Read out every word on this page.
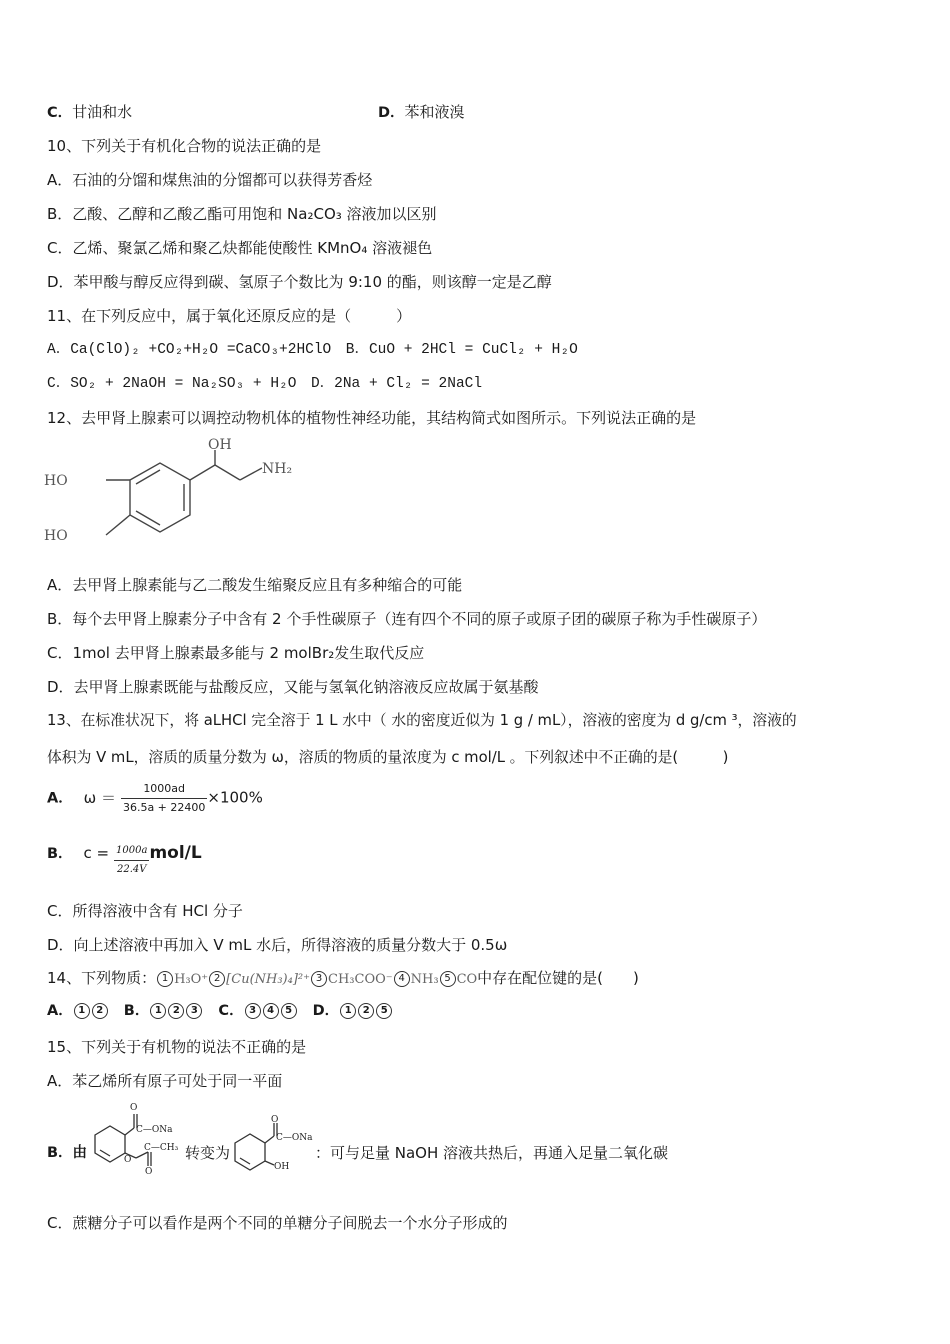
C．甘油和水	D．苯和液溴
10、下列关于有机化合物的说法正确的是
A．石油的分馏和煤焦油的分馏都可以获得芳香烃
B．乙酸、乙醇和乙酸乙酯可用饱和 Na₂CO₃ 溶液加以区别
C．乙烯、聚氯乙烯和聚乙炔都能使酸性 KMnO₄ 溶液褪色
D．苯甲酸与醇反应得到碳、氢原子个数比为 9:10 的酯，则该醇一定是乙醇
11、在下列反应中，属于氧化还原反应的是（　　　）
A．Ca(ClO)₂ +CO₂+H₂O =CaCO₃+2HClO　B．CuO + 2HCl = CuCl₂ + H₂O
C．SO₂ + 2NaOH = Na₂SO₃ + H₂O　D．2Na + Cl₂ = 2NaCl
12、去甲肾上腺素可以调控动物机体的植物性神经功能，其结构简式如图所示。下列说法正确的是
OH
NH₂
HO
HO
A．去甲肾上腺素能与乙二酸发生缩聚反应且有多种缩合的可能
B．每个去甲肾上腺素分子中含有 2 个手性碳原子（连有四个不同的原子或原子团的碳原子称为手性碳原子）
C．1mol 去甲肾上腺素最多能与 2 molBr₂发生取代反应
D．去甲肾上腺素既能与盐酸反应，又能与氢氧化钠溶液反应故属于氨基酸
13、在标准状况下，将 aLHCl 完全溶于 1 L 水中（ 水的密度近似为 1 g / mL），溶液的密度为 d g/cm ³，溶液的
体积为 V mL，溶质的质量分数为 ω，溶质的物质的量浓度为 c mol/L 。下列叙述中不正确的是(　　　)
A． $\omega = \frac{1000ad}{36.5a + 22400} \times 100\%$
B． $c = \frac{1000a}{22.4V} mol/L$
C．所得溶液中含有 HCl 分子
D．向上述溶液中再加入 V mL 水后，所得溶液的质量分数大于 0.5ω
14、下列物质： 1 H₃O⁺ 2 [Cu(NH₃)₄]²⁺ 3 CH₃COO⁻ 4 NH₃ 5 CO中存在配位键的是(　　)
A． 1 2 B． 1 2 3 C． 3 4 5 D． 1 2 5
15、下列关于有机物的说法不正确的是
A．苯乙烯所有原子可处于同一平面
B．由
O
C—ONa
C—CH₃
O
O
转变为
O
C—ONa
OH
：可与足量 NaOH 溶液共热后，再通入足量二氧化碳
C．蔗糖分子可以看作是两个不同的单糖分子间脱去一个水分子形成的
